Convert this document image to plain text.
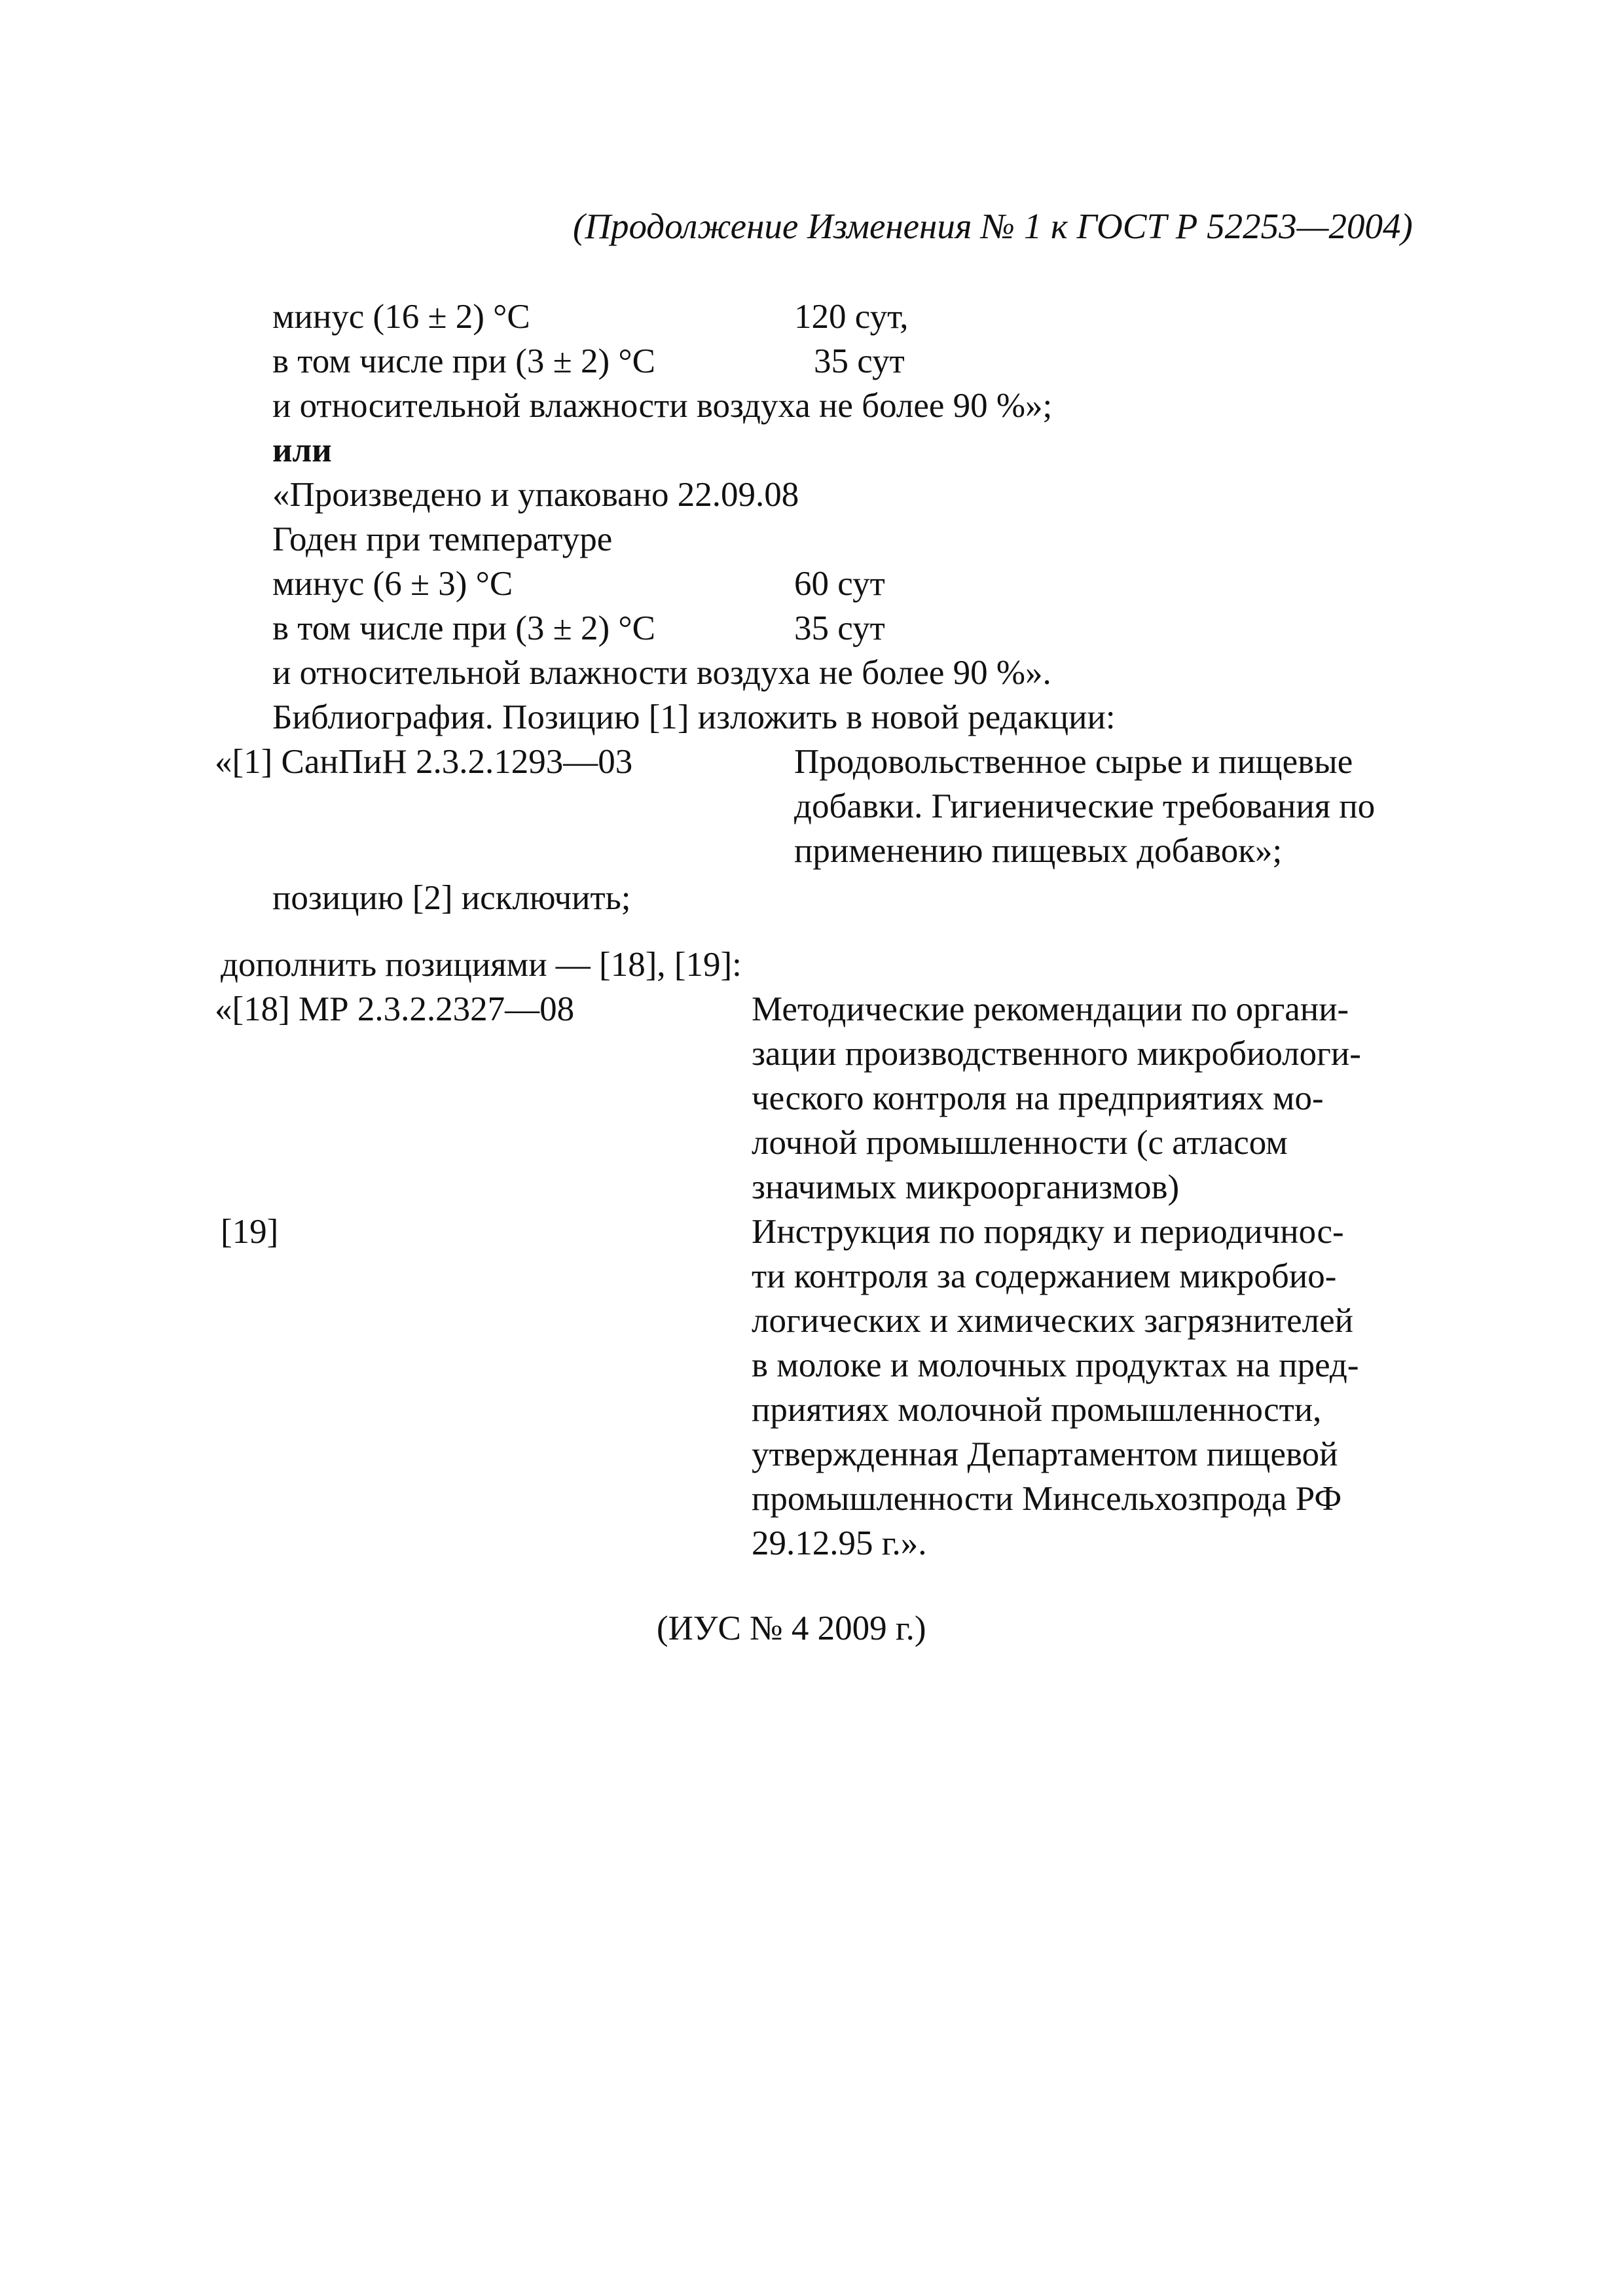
(Продолжение Изменения № 1 к ГОСТ Р 52253—2004)
минус (16 ± 2) °С	120 сут,
в том числе при (3 ± 2) °С	35 сут
и относительной влажности воздуха не более 90 %»;
или
«Произведено и упаковано 22.09.08
Годен при температуре
минус (6 ± 3) °С	60 сут
в том числе при (3 ± 2) °С	35 сут
и относительной влажности воздуха не более 90 %».
Библиография. Позицию [1] изложить в новой редакции:
«[1] СанПиН 2.3.2.1293—03	Продовольственное сырье и пищевые
добавки. Гигиенические требования по
применению пищевых добавок»;
позицию [2] исключить;
дополнить позициями — [18], [19]:
«[18] МР 2.3.2.2327—08	Методические рекомендации по органи-
зации производственного микробиологи-
ческого контроля на предприятиях мо-
лочной промышленности (с атласом
значимых микроорганизмов)
[19]	Инструкция по порядку и периодичнос-
ти контроля за содержанием микробио-
логических и химических загрязнителей
в молоке и молочных продуктах на пред-
приятиях молочной промышленности,
утвержденная Департаментом пищевой
промышленности Минсельхозпрода РФ
29.12.95 г.».
(ИУС № 4 2009 г.)
